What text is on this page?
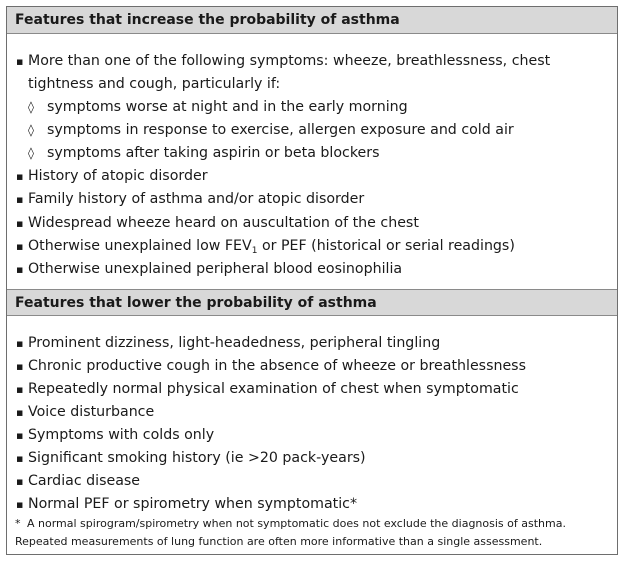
Features that increase the probability of asthma
▪ More than one of the following symptoms: wheeze, breathlessness, chest tightness and cough, particularly if:
◊ symptoms worse at night and in the early morning
◊ symptoms in response to exercise, allergen exposure and cold air
◊ symptoms after taking aspirin or beta blockers
▪ History of atopic disorder
▪ Family history of asthma and/or atopic disorder
▪ Widespread wheeze heard on auscultation of the chest
▪ Otherwise unexplained low $FEV_1$ or PEF (historical or serial readings)
▪ Otherwise unexplained peripheral blood eosinophilia
Features that lower the probability of asthma
▪ Prominent dizziness, light-headedness, peripheral tingling
▪ Chronic productive cough in the absence of wheeze or breathlessness
▪ Repeatedly normal physical examination of chest when symptomatic
▪ Voice disturbance
▪ Symptoms with colds only
▪ Significant smoking history (ie >20 pack-years)
▪ Cardiac disease
▪ Normal PEF or spirometry when symptomatic*
* A normal spirogram/spirometry when not symptomatic does not exclude the diagnosis of asthma. Repeated measurements of lung function are often more informative than a single assessment.
